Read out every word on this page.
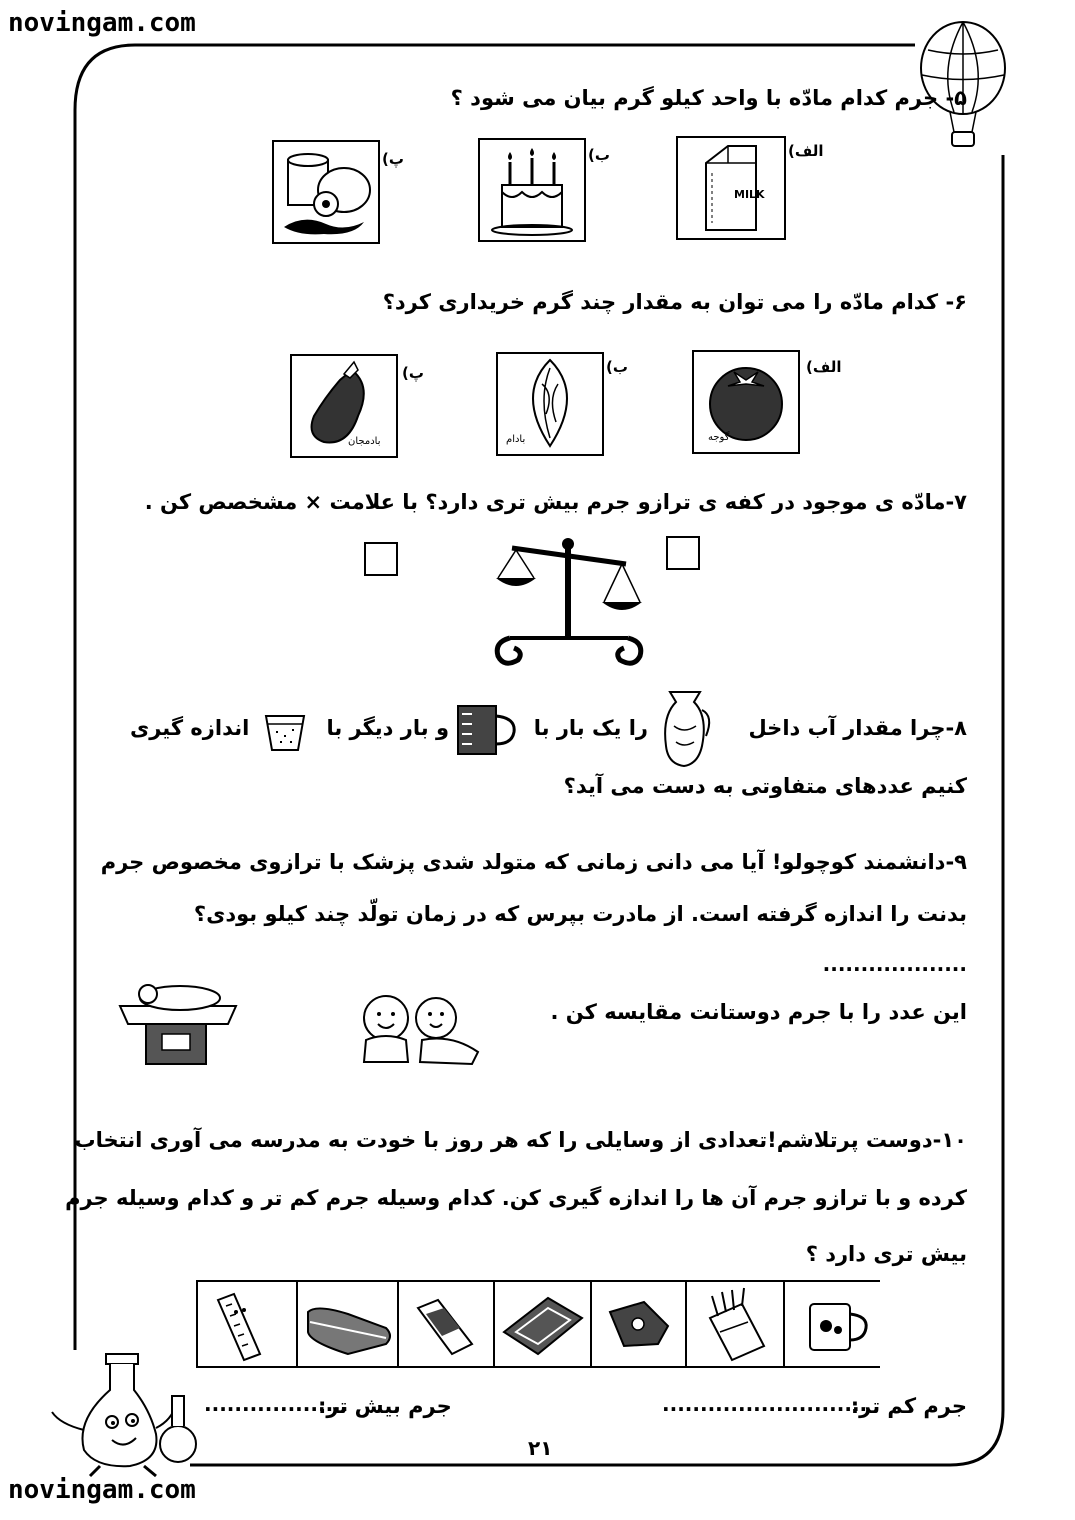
novingam.com
novingam.com
۵- جرم کدام مادّه با واحد کیلو گرم بیان می شود ؟
الف)
MILK
ب)
پ)
۶- کدام مادّه را می توان به مقدار چند گرم خریداری کرد؟
الف)
گوجه
ب)
بادام
پ)
بادمجان
۷-مادّه ی موجود در کفه ی ترازو جرم بیش تری دارد؟ با علامت × مشخصص کن .
۸-چرا مقدار آب داخل
را یک بار با
و بار دیگر با
اندازه گیری
کنیم عددهای متفاوتی به دست می آید؟
۹-دانشمند کوچولو! آیا می دانی زمانی که متولد شدی پزشک با ترازوی مخصوص جرم
بدنت را اندازه گرفته است. از مادرت بپرس که در زمان تولّد چند کیلو بودی؟
...................
این عدد را با جرم دوستانت مقایسه کن .
۱۰-دوست پرتلاشم!تعدادی از وسایلی را که هر روز با خودت به مدرسه می آوری انتخاب
کرده و با ترازو جرم آن ها را اندازه گیری کن. کدام وسیله جرم کم تر و کدام وسیله جرم
بیش تری دارد ؟
جرم کم تر:
...........................
جرم بیش تر:
...................
۲۱
